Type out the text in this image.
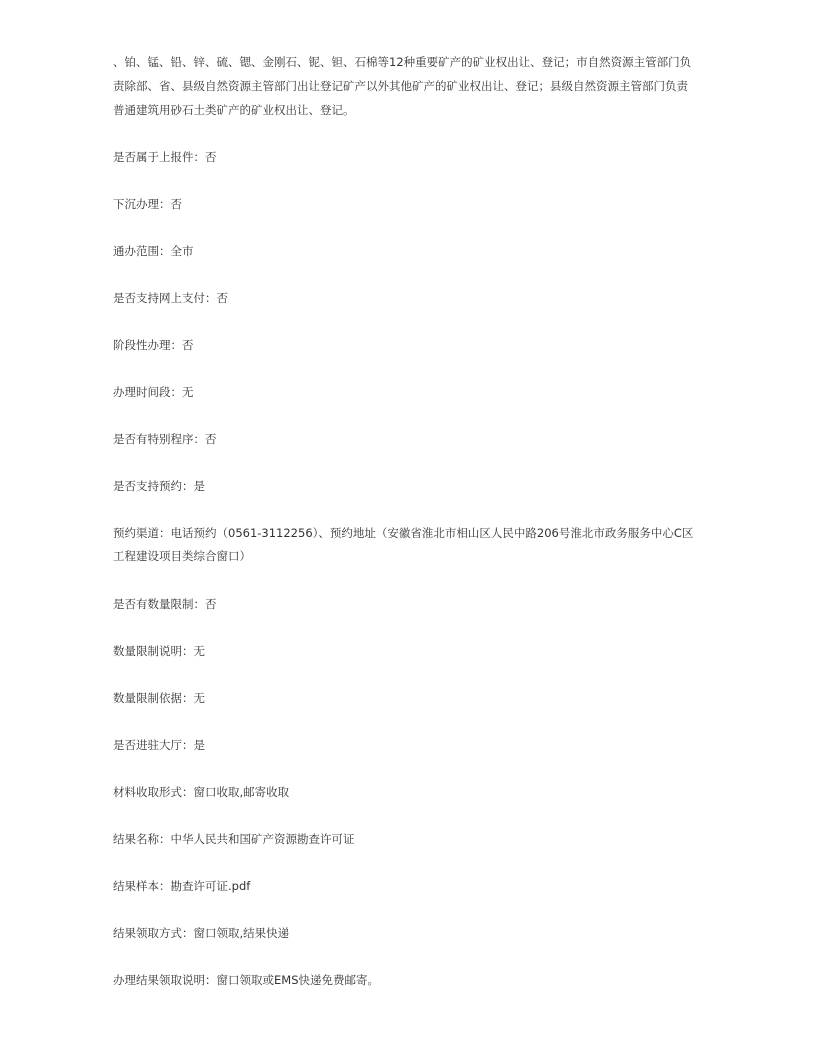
、铂、锰、铅、锌、硫、锶、金刚石、铌、钽、石棉等12种重要矿产的矿业权出让、登记；市自然资源主管部门负责除部、省、县级自然资源主管部门出让登记矿产以外其他矿产的矿业权出让、登记；县级自然资源主管部门负责普通建筑用砂石土类矿产的矿业权出让、登记。

是否属于上报件：否

下沉办理：否

通办范围：全市

是否支持网上支付：否

阶段性办理：否

办理时间段：无

是否有特别程序：否

是否支持预约：是

预约渠道：电话预约（0561-3112256）、预约地址（安徽省淮北市相山区人民中路206号淮北市政务服务中心C区工程建设项目类综合窗口）

是否有数量限制：否

数量限制说明：无

数量限制依据：无

是否进驻大厅：是

材料收取形式：窗口收取,邮寄收取

结果名称：中华人民共和国矿产资源勘查许可证

结果样本：勘查许可证.pdf

结果领取方式：窗口领取,结果快递

办理结果领取说明：窗口领取或EMS快递免费邮寄。
